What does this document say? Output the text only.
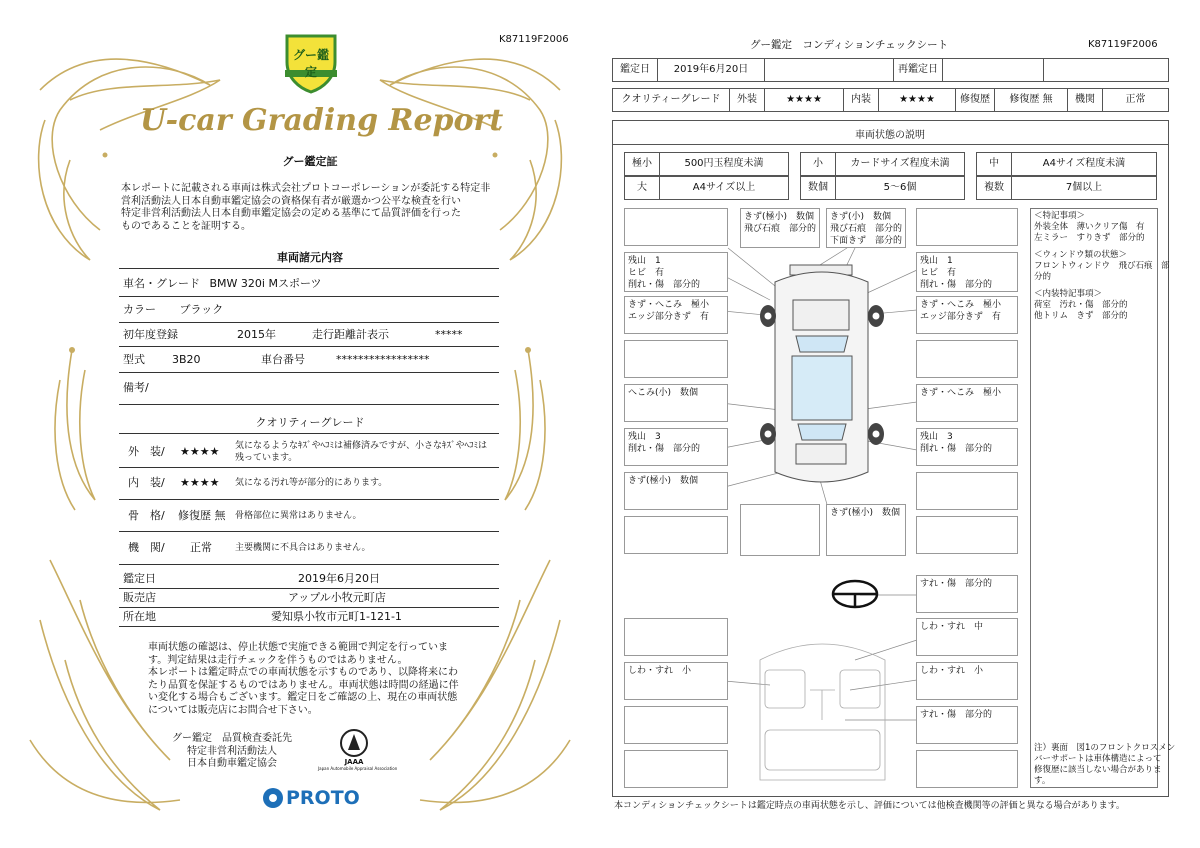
K87119F2006
グー鑑定
U-car Grading Report
グー鑑定証
本レポートに記載される車両は株式会社プロトコーポレーションが委託する特定非
営利活動法人日本自動車鑑定協会の資格保有者が厳選かつ公平な検査を行い
特定非営利活動法人日本自動車鑑定協会の定める基準にて品質評価を行った
ものであることを証明する。
車両諸元内容
車名・グレード BMW 320i Mスポーツ
カラー ブラック
初年度登録	2015年	走行距離計表示	*****
型式 3B20	車台番号	*****************
備考/
クオリティーグレード
外　装/ ★★★★ 気になるようなｷｽﾞやﾍｺﾐは補修済みですが、小さなｷｽﾞやﾍｺﾐは
残っています。
内　装/ ★★★★ 気になる汚れ等が部分的にあります。
骨　格/ 修復歴 無 骨格部位に異常はありません。
機　関/ 正常	主要機関に不具合はありません。
鑑定日	2019年6月20日
販売店	アップル小牧元町店
所在地	愛知県小牧市元町1-121-1
車両状態の確認は、停止状態で実施できる範囲で判定を行っていま
す。判定結果は走行チェックを伴うものではありません。
本レポートは鑑定時点での車両状態を示すものであり、以降将来にわ
たり品質を保証するものではありません。車両状態は時間の経過に伴
い変化する場合もございます。鑑定日をご確認の上、現在の車両状態
については販売店にお問合せ下さい。
グー鑑定　品質検査委託先
特定非営利活動法人
日本自動車鑑定協会	JAAA
Japan Automobile Appraisal Association
PROTO
グー鑑定　コンディションチェックシート	K87119F2006
鑑定日	2019年6月20日	再鑑定日
クオリティーグレード	外装	★★★★	内装	★★★★	修復歴	修復歴 無	機関	正常
車両状態の説明
極小	500円玉程度未満	小	カードサイズ程度未満	中	A4サイズ程度未満
大	A4サイズ以上	数個	5～6個	複数	7個以上
きず(極小)　数個
飛び石痕　部分的
きず(小)　数個
飛び石痕　部分的
下面きず　部分的
残山　1
ヒビ　有
削れ・傷　部分的
残山　1
ヒビ　有
削れ・傷　部分的
きず・へこみ　極小
エッジ部分きず　有
きず・へこみ　極小
エッジ部分きず　有
へこみ(小)　数個	きず・へこみ　極小
残山　3
削れ・傷　部分的
残山　3
削れ・傷　部分的
きず(極小)　数個
きず(極小)　数個
すれ・傷　部分的
しわ・すれ　中
しわ・すれ　小	しわ・すれ　小
すれ・傷　部分的
＜特記事項＞
外装全体　薄いクリア傷　有
左ミラー　すりきず　部分的
＜ウィンドウ類の状態＞
フロントウィンドウ　飛び石痕　部
分的
＜内装特記事項＞
荷室　汚れ・傷　部分的
他トリム　きず　部分的
注）裏面　図1のフロントクロスメン
バーサポートは車体構造によって
修復歴に該当しない場合がありま
す。
本コンディションチェックシートは鑑定時点の車両状態を示し、評価については他検査機関等の評価と異なる場合があります。
